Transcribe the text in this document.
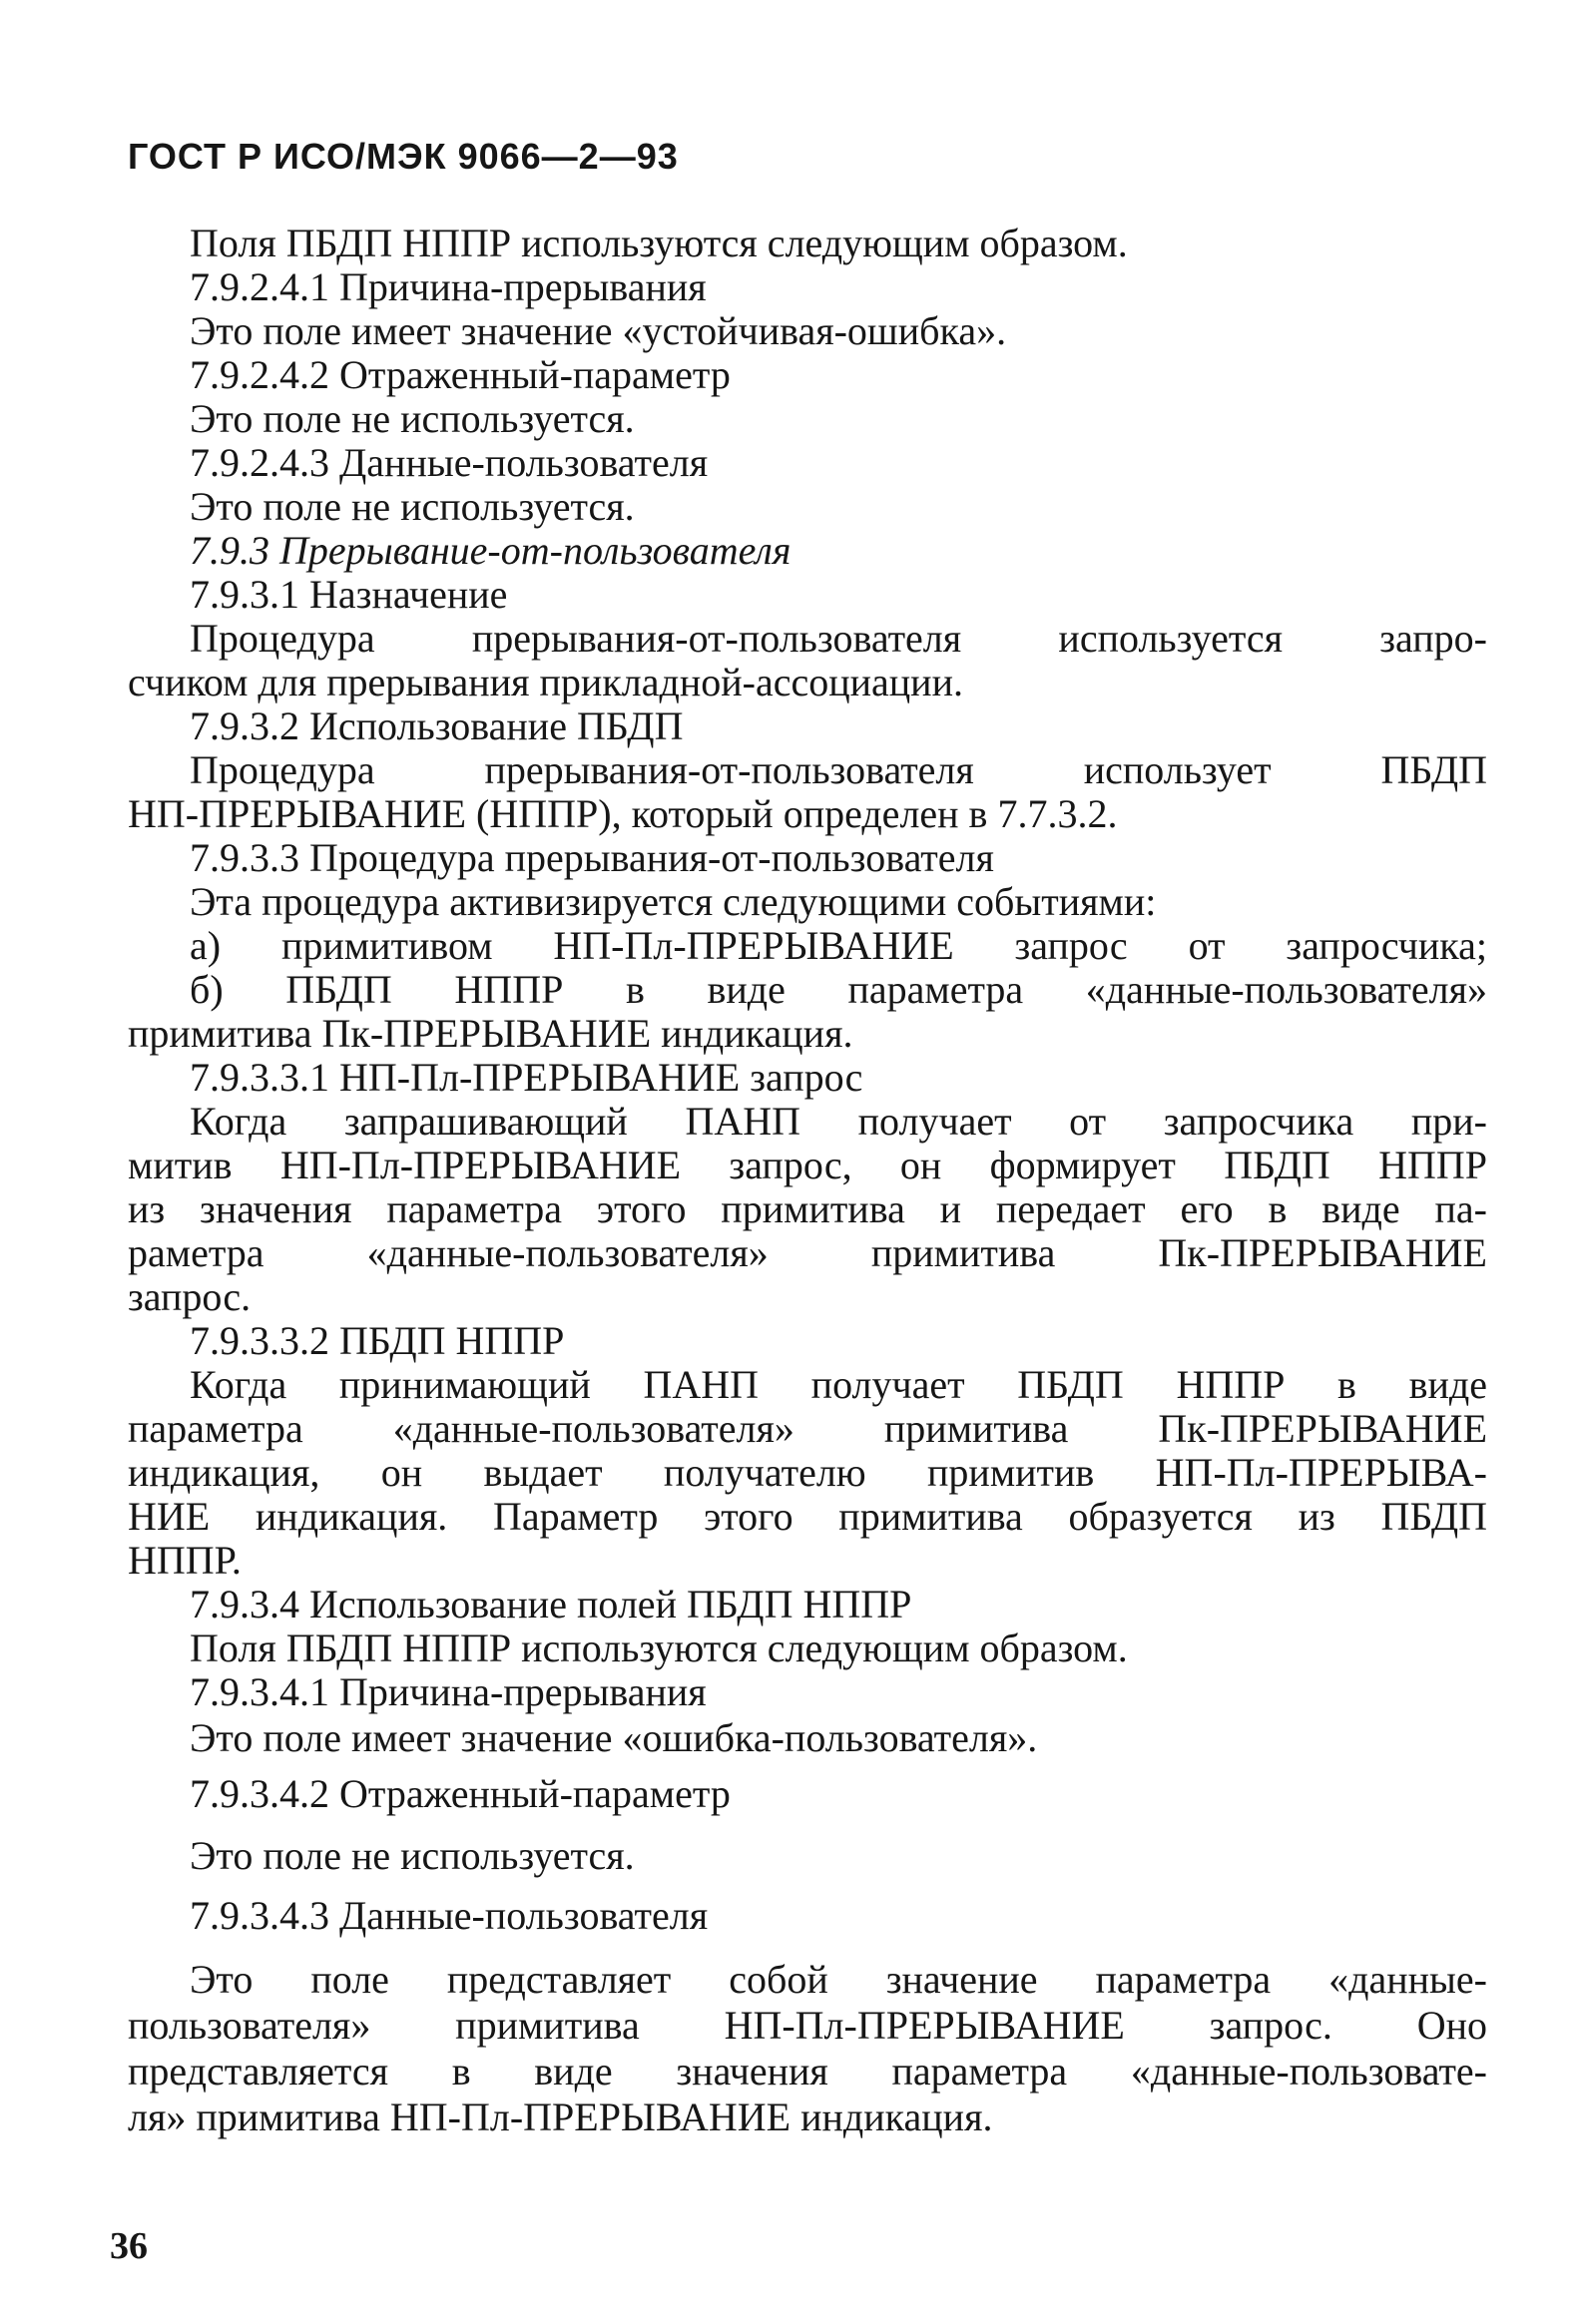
ГОСТ Р ИСО/МЭК 9066—2—93
Поля ПБДП НППР используются следующим образом.
7.9.2.4.1 Причина-прерывания
Это поле имеет значение «устойчивая-ошибка».
7.9.2.4.2 Отраженный-параметр
Это поле не используется.
7.9.2.4.3 Данные-пользователя
Это поле не используется.
7.9.3 Прерывание-от-пользователя
7.9.3.1 Назначение
Процедура прерывания-от-пользователя используется запро-
счиком для прерывания прикладной-ассоциации.
7.9.3.2 Использование ПБДП
Процедура прерывания-от-пользователя использует ПБДП
НП-ПРЕРЫВАНИЕ (НППР), который определен в 7.7.3.2.
7.9.3.3 Процедура прерывания-от-пользователя
Эта процедура активизируется следующими событиями:
а) примитивом НП-Пл-ПРЕРЫВАНИЕ запрос от запросчика;
б) ПБДП НППР в виде параметра «данные-пользователя»
примитива Пк-ПРЕРЫВАНИЕ индикация.
7.9.3.3.1 НП-Пл-ПРЕРЫВАНИЕ запрос
Когда запрашивающий ПАНП получает от запросчика при-
митив НП-Пл-ПРЕРЫВАНИЕ запрос, он формирует ПБДП НППР
из значения параметра этого примитива и передает его в виде па-
раметра «данные-пользователя» примитива Пк-ПРЕРЫВАНИЕ
запрос.
7.9.3.3.2 ПБДП НППР
Когда принимающий ПАНП получает ПБДП НППР в виде
параметра «данные-пользователя» примитива Пк-ПРЕРЫВАНИЕ
индикация, он выдает получателю примитив НП-Пл-ПРЕРЫВА-
НИЕ индикация. Параметр этого примитива образуется из ПБДП
НППР.
7.9.3.4 Использование полей ПБДП НППР
Поля ПБДП НППР используются следующим образом.
7.9.3.4.1 Причина-прерывания
Это поле имеет значение «ошибка-пользователя».
7.9.3.4.2 Отраженный-параметр
Это поле не используется.
7.9.3.4.3 Данные-пользователя
Это поле представляет собой значение параметра «данные-
пользователя» примитива НП-Пл-ПРЕРЫВАНИЕ запрос. Оно
представляется в виде значения параметра «данные-пользовате-
ля» примитива НП-Пл-ПРЕРЫВАНИЕ индикация.
36
